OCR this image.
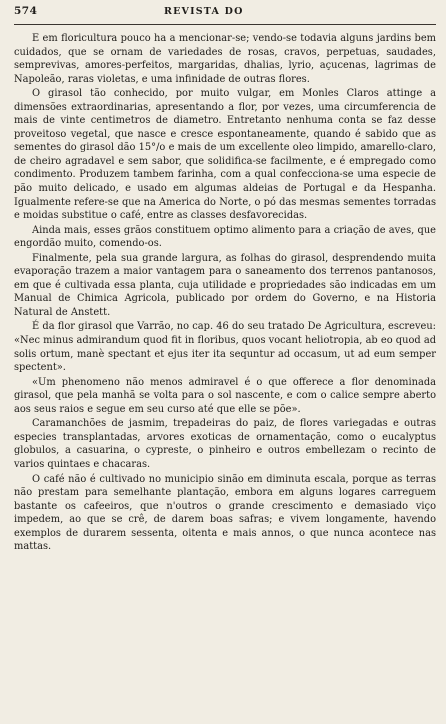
574	REVISTA DO

E em floricultura pouco ha a mencionar-se; vendo-se todavia alguns jardins bem cuidados, que se ornam de variedades de rosas, cravos, perpetuas, saudades, semprevivas, amores-perfeitos, margaridas, dhalias, lyrio, açucenas, lagrimas de Napoleão, raras violetas, e uma infinidade de outras flores.

O girasol tão conhecido, por muito vulgar, em Monles Claros attinge a dimensões extraordinarias, apresentando a flor, por vezes, uma circumferencia de mais de vinte centimetros de diametro. Entretanto nenhuma conta se faz desse proveitoso vegetal, que nasce e cresce espontaneamente, quando é sabido que as sementes do girasol dão 15°/o e mais de um excellente oleo limpido, amarello-claro, de cheiro agradavel e sem sabor, que solidifica-se facilmente, e é empregado como condimento. Produzem tambem farinha, com a qual confecciona-se uma especie de pão muito delicado, e usado em algumas aldeias de Portugal e da Hespanha. Igualmente refere-se que na America do Norte, o pó das mesmas sementes torradas e moidas substitue o café, entre as classes desfavorecidas.

Ainda mais, esses grãos constituem optimo alimento para a criação de aves, que engordão muito, comendo-os.

Finalmente, pela sua grande largura, as folhas do girasol, desprendendo muita evaporação trazem a maior vantagem para o saneamento dos terrenos pantanosos, em que é cultivada essa planta, cuja utilidade e propriedades são indicadas em um Manual de Chimica Agricola, publicado por ordem do Governo, e na Historia Natural de Anstett.

É da flor girasol que Varrão, no cap. 46 do seu tratado De Agricultura, escreveu: «Nec minus admirandum quod fit in floribus, quos vocant heliotropia, ab eo quod ad solis ortum, manè spectant et ejus iter ita sequntur ad occasum, ut ad eum semper spectent».

«Um phenomeno não menos admiravel é o que offerece a flor denominada girasol, que pela manhã se volta para o sol nascente, e com o calice sempre aberto aos seus raios e segue em seu curso até que elle se põe».

Caramanchões de jasmim, trepadeiras do paiz, de flores variegadas e outras especies transplantadas, arvores exoticas de ornamentação, como o eucalyptus globulos, a casuarina, o cypreste, o pinheiro e outros embellezam o recinto de varios quintaes e chacaras.

O café não é cultivado no municipio sinão em diminuta escala, porque as terras não prestam para semelhante plantação, embora em alguns logares carreguem bastante os cafeeiros, que n'outros o grande crescimento e demasiado viço impedem, ao que se crê, de darem boas safras; e vivem longamente, havendo exemplos de durarem sessenta, oitenta e mais annos, o que nunca acontece nas mattas.
